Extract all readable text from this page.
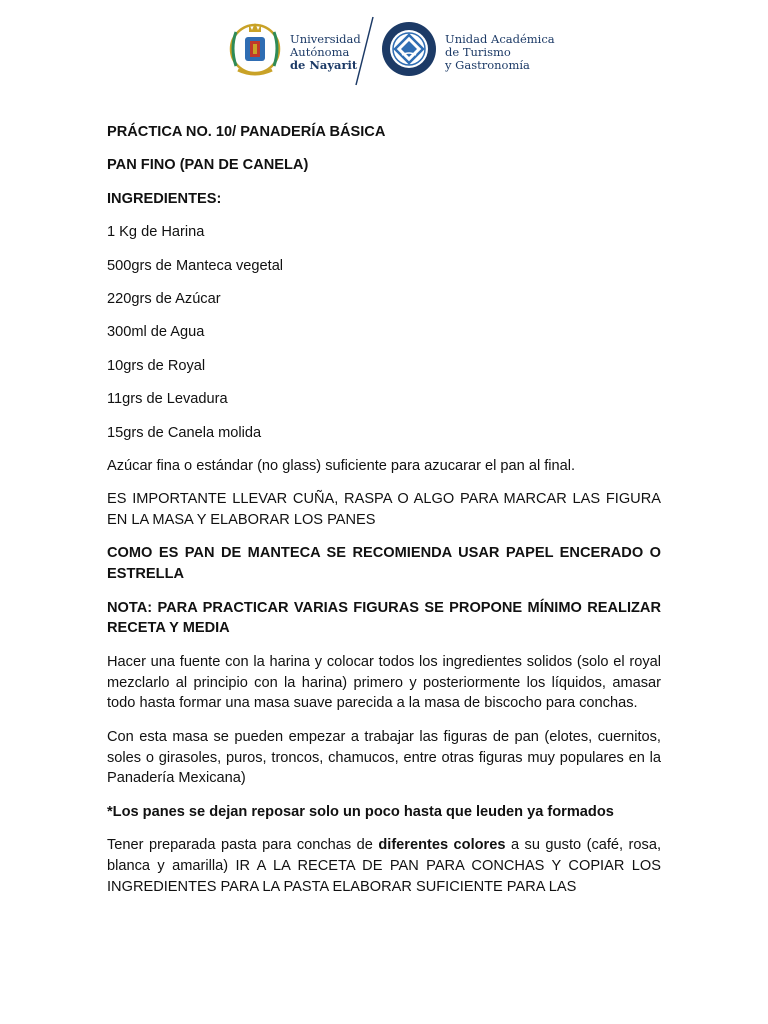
Universidad
Autónoma
de Nayarit
Unidad Académica
de Turismo
y Gastronomía

PRÁCTICA NO. 10/ PANADERÍA BÁSICA

PAN FINO (PAN DE CANELA)

INGREDIENTES:

1 Kg de Harina

500grs de Manteca vegetal

220grs de Azúcar

300ml de Agua

10grs de Royal

11grs de Levadura

15grs de Canela molida

Azúcar fina o estándar (no glass) suficiente para azucarar el pan al final.

ES IMPORTANTE LLEVAR CUÑA, RASPA O ALGO PARA MARCAR LAS FIGURA EN LA MASA Y ELABORAR LOS PANES

COMO ES PAN DE MANTECA SE RECOMIENDA USAR PAPEL ENCERADO O ESTRELLA

NOTA: PARA PRACTICAR VARIAS FIGURAS SE PROPONE MÍNIMO REALIZAR RECETA Y MEDIA

Hacer una fuente con la harina y colocar todos los ingredientes solidos (solo el royal mezclarlo al principio con la harina) primero y posteriormente los líquidos, amasar todo hasta formar una masa suave parecida a la masa de biscocho para conchas.

Con esta masa se pueden empezar a trabajar las figuras de pan (elotes, cuernitos, soles o girasoles, puros, troncos, chamucos, entre otras figuras muy populares en la Panadería Mexicana)

*Los panes se dejan reposar solo un poco hasta que leuden ya formados

Tener preparada pasta para conchas de diferentes colores a su gusto (café, rosa, blanca y amarilla) IR A LA RECETA DE PAN PARA CONCHAS Y COPIAR LOS INGREDIENTES PARA LA PASTA ELABORAR SUFICIENTE PARA LAS
